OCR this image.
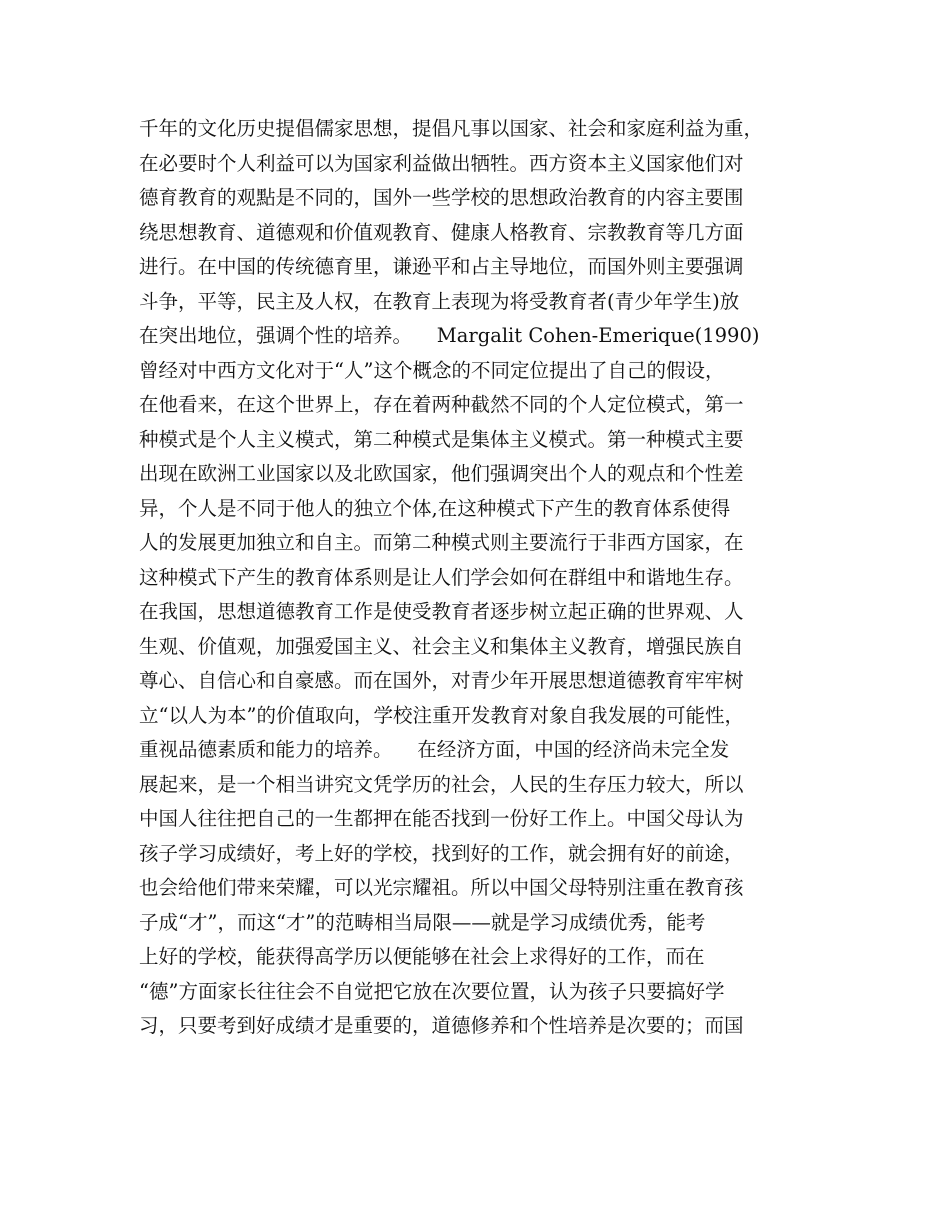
千年的文化历史提倡儒家思想，提倡凡事以国家、社会和家庭利益为重，
在必要时个人利益可以为国家利益做出牺牲。西方资本主义国家他们对
德育教育的观點是不同的，国外一些学校的思想政治教育的内容主要围
绕思想教育、道德观和价值观教育、健康人格教育、宗教教育等几方面
进行。在中国的传统德育里，谦逊平和占主导地位，而国外则主要强调
斗争，平等，民主及人权，在教育上表现为将受教育者(青少年学生)放
在突出地位，强调个性的培养。    Margalit Cohen-Emerique(1990)
曾经对中西方文化对于“人”这个概念的不同定位提出了自己的假设，
在他看来，在这个世界上，存在着两种截然不同的个人定位模式，第一
种模式是个人主义模式，第二种模式是集体主义模式。第一种模式主要
出现在欧洲工业国家以及北欧国家，他们强调突出个人的观点和个性差
异，个人是不同于他人的独立个体,在这种模式下产生的教育体系使得
人的发展更加独立和自主。而第二种模式则主要流行于非西方国家，在
这种模式下产生的教育体系则是让人们学会如何在群组中和谐地生存。
在我国，思想道德教育工作是使受教育者逐步树立起正确的世界观、人
生观、价值观，加强爱国主义、社会主义和集体主义教育，增强民族自
尊心、自信心和自豪感。而在国外，对青少年开展思想道德教育牢牢树
立“以人为本”的价值取向，学校注重开发教育对象自我发展的可能性，
重视品德素质和能力的培养。    在经济方面，中国的经济尚未完全发
展起来，是一个相当讲究文凭学历的社会，人民的生存压力较大，所以
中国人往往把自己的一生都押在能否找到一份好工作上。中国父母认为
孩子学习成绩好，考上好的学校，找到好的工作，就会拥有好的前途，
也会给他们带来荣耀，可以光宗耀祖。所以中国父母特别注重在教育孩
子成“才”，而这“才”的范畴相当局限——就是学习成绩优秀，能考
上好的学校，能获得高学历以便能够在社会上求得好的工作，而在
“德”方面家长往往会不自觉把它放在次要位置，认为孩子只要搞好学
习，只要考到好成绩才是重要的，道德修养和个性培养是次要的；而国
